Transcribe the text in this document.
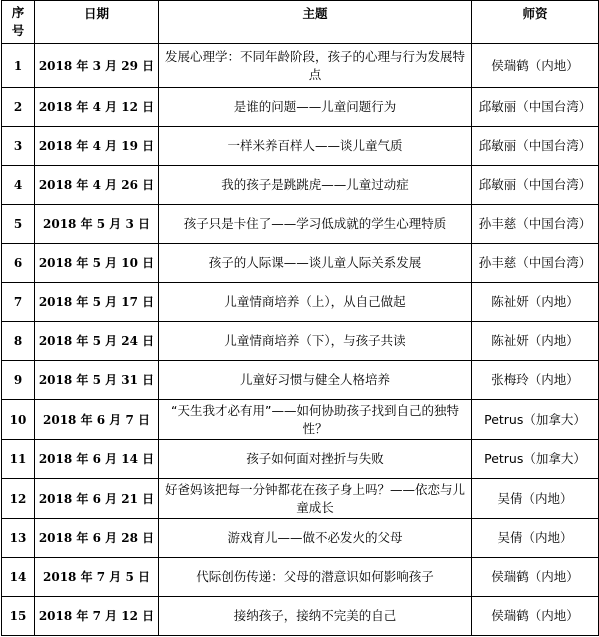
序号	日期	主题	师资
1	2018 年 3 月 29 日	发展心理学：不同年龄阶段，孩子的心理与行为发展特点	侯瑞鹤（内地）
2	2018 年 4 月 12 日	是谁的问题——儿童问题行为	邱敏丽（中国台湾）
3	2018 年 4 月 19 日	一样米养百样人——谈儿童气质	邱敏丽（中国台湾）
4	2018 年 4 月 26 日	我的孩子是跳跳虎——儿童过动症	邱敏丽（中国台湾）
5	2018 年 5 月 3 日	孩子只是卡住了——学习低成就的学生心理特质	孙丰慈（中国台湾）
6	2018 年 5 月 10 日	孩子的人际课——谈儿童人际关系发展	孙丰慈（中国台湾）
7	2018 年 5 月 17 日	儿童情商培养（上），从自己做起	陈祉妍（内地）
8	2018 年 5 月 24 日	儿童情商培养（下），与孩子共读	陈祉妍（内地）
9	2018 年 5 月 31 日	儿童好习惯与健全人格培养	张梅玲（内地）
10	2018 年 6 月 7 日	“天生我才必有用”——如何协助孩子找到自己的独特性？	Petrus（加拿大）
11	2018 年 6 月 14 日	孩子如何面对挫折与失败	Petrus（加拿大）
12	2018 年 6 月 21 日	好爸妈该把每一分钟都花在孩子身上吗？——依恋与儿童成长	吴倩（内地）
13	2018 年 6 月 28 日	游戏育儿——做不必发火的父母	吴倩（内地）
14	2018 年 7 月 5 日	代际创伤传递：父母的潜意识如何影响孩子	侯瑞鹤（内地）
15	2018 年 7 月 12 日	接纳孩子，接纳不完美的自己	侯瑞鹤（内地）
